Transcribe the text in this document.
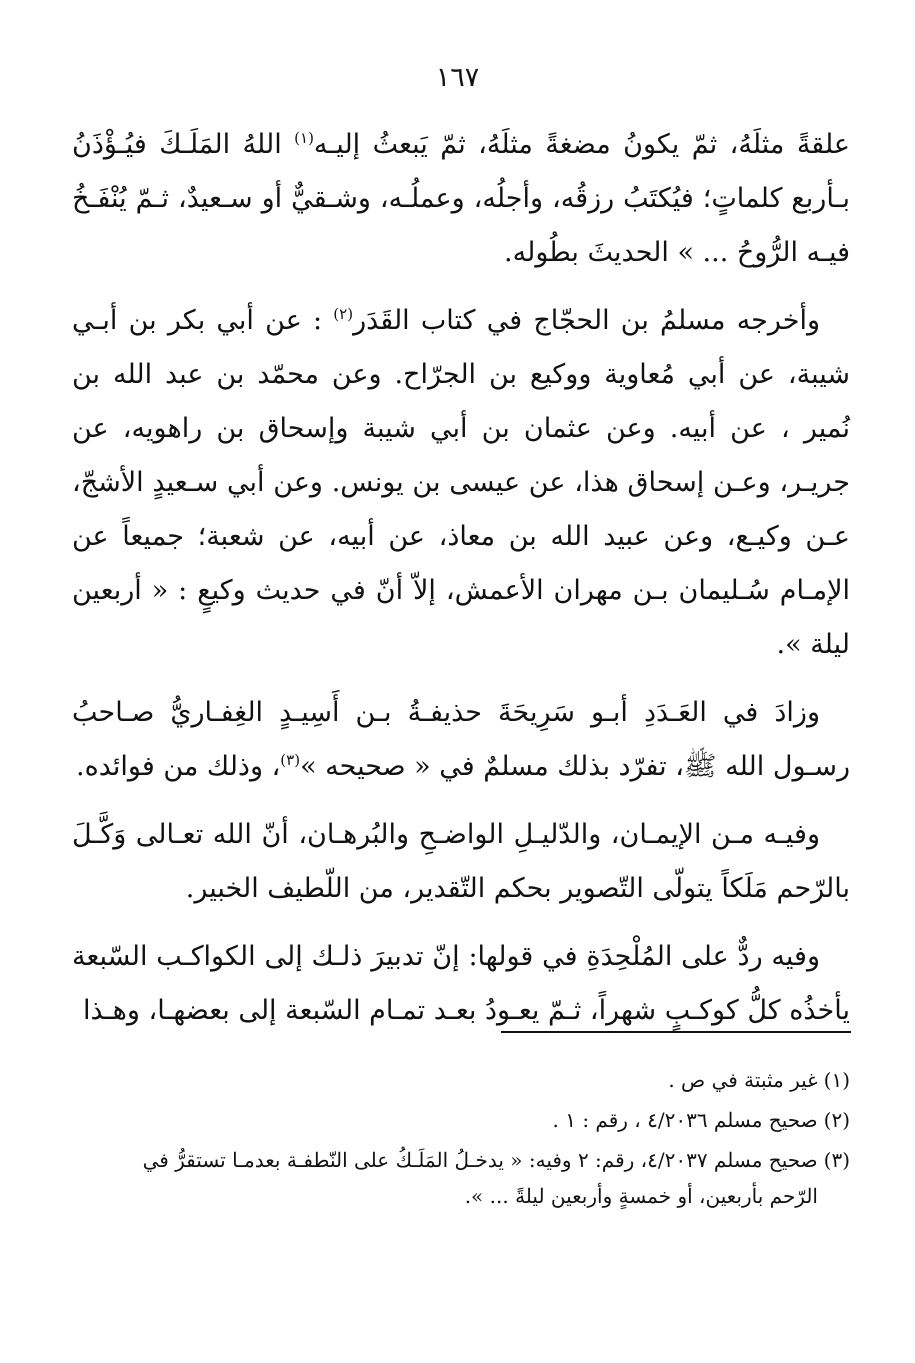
١٦٧

علقةً مثلَهُ، ثمّ يكونُ مضغةً مثلَهُ، ثمّ يَبعثُ إليـه$^{(١)}$ اللهُ المَلَـكَ فيُـؤْذَنُ بـأربع كلماتٍ؛ فيُكتَبُ رزقُه، وأجلُه، وعملُـه، وشـقيٌّ أو سـعيدٌ، ثـمّ يُنْفَـخُ فيـه الرُّوحُ ... » الحديثَ بطُوله.

وأخرجه مسلمُ بن الحجّاج في كتاب القَدَر$^{(٢)}$ : عن أبي بكر بن أبـي شيبة، عن أبي مُعاوية ووكيع بن الجرّاح. وعن محمّد بن عبد الله بن نُمير ، عن أبيه. وعن عثمان بن أبي شيبة وإسحاق بن راهويه، عن جريـر، وعـن إسحاق هذا، عن عيسى بن يونس. وعن أبي سـعيدٍ الأشجّ، عـن وكيـع، وعن عبيد الله بن معاذ، عن أبيه، عن شعبة؛ جميعاً عن الإمـام سُـليمان بـن مهران الأعمش، إلاّ أنّ في حديث وكيعٍ : « أربعين ليلة ».

وزادَ في العَـدَدِ أبـو سَرِيحَةَ حذيفـةُ بـن أَسِيـدٍ الغِفـاريُّ صـاحبُ رسـول الله ﷺ، تفرّد بذلك مسلمٌ في « صحيحه »$^{(٣)}$، وذلك من فوائده.

وفيـه مـن الإيمـان، والدّليـلِ الواضـحِ والبُرهـان، أنّ الله تعـالى وَكَّـلَ بالرّحم مَلَكاً يتولّى التّصوير بحكم التّقدير، من اللّطيف الخبير.

وفيه ردٌّ على المُلْحِدَةِ في قولها: إنّ تدبيرَ ذلـك إلى الكواكـب السّبعة يأخذُه كلُّ كوكـبٍ شهراً، ثـمّ يعـودُ بعـد تمـام السّبعة إلى بعضهـا، وهـذا

(١)غير مثبتة في ص .

(٢)صحيح مسلم ٤/٢٠٣٦ ، رقم : ١ .

(٣)صحيح مسلم ٤/٢٠٣٧، رقم: ٢ وفيه: « يدخـلُ المَلَـكُ على النّطفـة بعدمـا تستقرُّ في
الرّحم بأربعين، أو خمسةٍ وأربعين ليلةً ... ».
